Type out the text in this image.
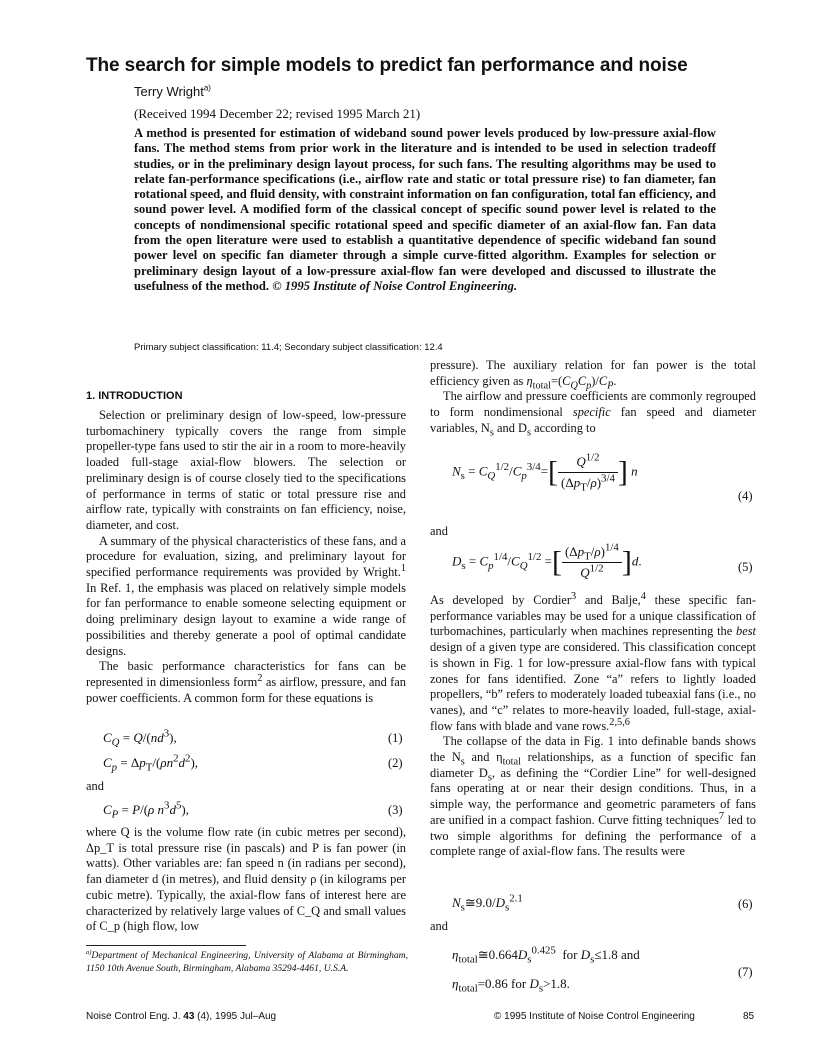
The search for simple models to predict fan performance and noise
Terry Wright$^{a)}$
(Received 1994 December 22; revised 1995 March 21)
A method is presented for estimation of wideband sound power levels produced by low-pressure axial-flow fans. The method stems from prior work in the literature and is intended to be used in selection tradeoff studies, or in the preliminary design layout process, for such fans. The resulting algorithms may be used to relate fan-performance specifications (i.e., airflow rate and static or total pressure rise) to fan diameter, fan rotational speed, and fluid density, with constraint information on fan configuration, total fan efficiency, and sound power level. A modified form of the classical concept of specific sound power level is related to the concepts of nondimensional specific rotational speed and specific diameter of an axial-flow fan. Fan data from the open literature were used to establish a quantitative dependence of specific wideband fan sound power level on specific fan diameter through a simple curve-fitted algorithm. Examples for selection or preliminary design layout of a low-pressure axial-flow fan were developed and discussed to illustrate the usefulness of the method. © 1995 Institute of Noise Control Engineering.
Primary subject classification: 11.4; Secondary subject classification: 12.4
1. INTRODUCTION

Selection or preliminary design of low-speed, low-pressure turbomachinery typically covers the range from simple propeller-type fans used to stir the air in a room to more-heavily loaded full-stage axial-flow blowers. The selection or preliminary design is of course closely tied to the specifications of performance in terms of static or total pressure rise and airflow rate, typically with constraints on fan efficiency, noise, diameter, and cost.

A summary of the physical characteristics of these fans, and a procedure for evaluation, sizing, and preliminary layout for specified performance requirements was provided by Wright.$^1$ In Ref. 1, the emphasis was placed on relatively simple models for fan performance to enable someone selecting equipment or doing preliminary design layout to examine a wide range of possibilities and thereby generate a pool of optimal candidate designs.

The basic performance characteristics for fans can be represented in dimensionless form$^2$ as airflow, pressure, and fan power coefficients. A common form for these equations is

$C_Q = Q/(nd^3)$,	(1)
$C_p = \Delta p_T/(\rho n^2d^2)$,	(2)
and
$C_P = P/(\rho$ $n^3d^5$),	(3)

where Q is the volume flow rate (in cubic metres per second), Δp_T is total pressure rise (in pascals) and P is fan power (in watts). Other variables are: fan speed n (in radians per second), fan diameter d (in metres), and fluid density ρ (in kilograms per cubic metre). Typically, the axial-flow fans of interest here are characterized by relatively large values of C_Q and small values of C_p (high flow, low

$^{a)}$Department of Mechanical Engineering, University of Alabama at Birmingham, 1150 10th Avenue South, Birmingham, Alabama 35294-4461, U.S.A.

pressure). The auxiliary relation for fan power is the total efficiency given as $\eta_{total}=(C_QC_p)/C_P$.

The airflow and pressure coefficients are commonly regrouped to form nondimensional specific fan speed and diameter variables, $N_s$ and $D_s$ according to

$N_s = C_Q^{1/2}/C_p^{3/4}=[ \frac{Q^{1/2}}{(\Delta p_T/\rho)^{3/4}}$ ] n
(4)
and
$D_s = C_p^{1/4}/C_Q^{1/2}$ =[ $\frac{(\Delta p_T/\rho)^{1/4}}{Q^{1/2}} ]d$.	(5)

As developed by Cordier$^3$ and Balje,$^4$ these specific fan-performance variables may be used for a unique classification of turbomachines, particularly when machines representing the best design of a given type are considered. This classification concept is shown in Fig. 1 for low-pressure axial-flow fans with typical zones for fans identified. Zone “a” refers to lightly loaded propellers, “b” refers to moderately loaded tubeaxial fans (i.e., no vanes), and “c” relates to more-heavily loaded, full-stage, axial-flow fans with blade and vane rows.$^{2,5,6}$

The collapse of the data in Fig. 1 into definable bands shows the $N_s$ and $\eta_{total}$ relationships, as a function of specific fan diameter $D_s$, as defining the “Cordier Line” for well-designed fans operating at or near their design conditions. Thus, in a simple way, the performance and geometric parameters of fans are unified in a compact fashion. Curve fitting techniques$^7$ led to two simple algorithms for defining the performance of a complete range of axial-flow fans. The results were

$N_s≅9.0/D_s^{2.1}$	(6)
and
$\eta_{total}≅0.664D_s^{0.425}$ for $D_s\le 1.8$ and
(7)
$\eta_{total}=0.86$ for $D_s>1.8$.
Noise Control Eng. J. 43 (4), 1995 Jul–Aug	© 1995 Institute of Noise Control Engineering	85
